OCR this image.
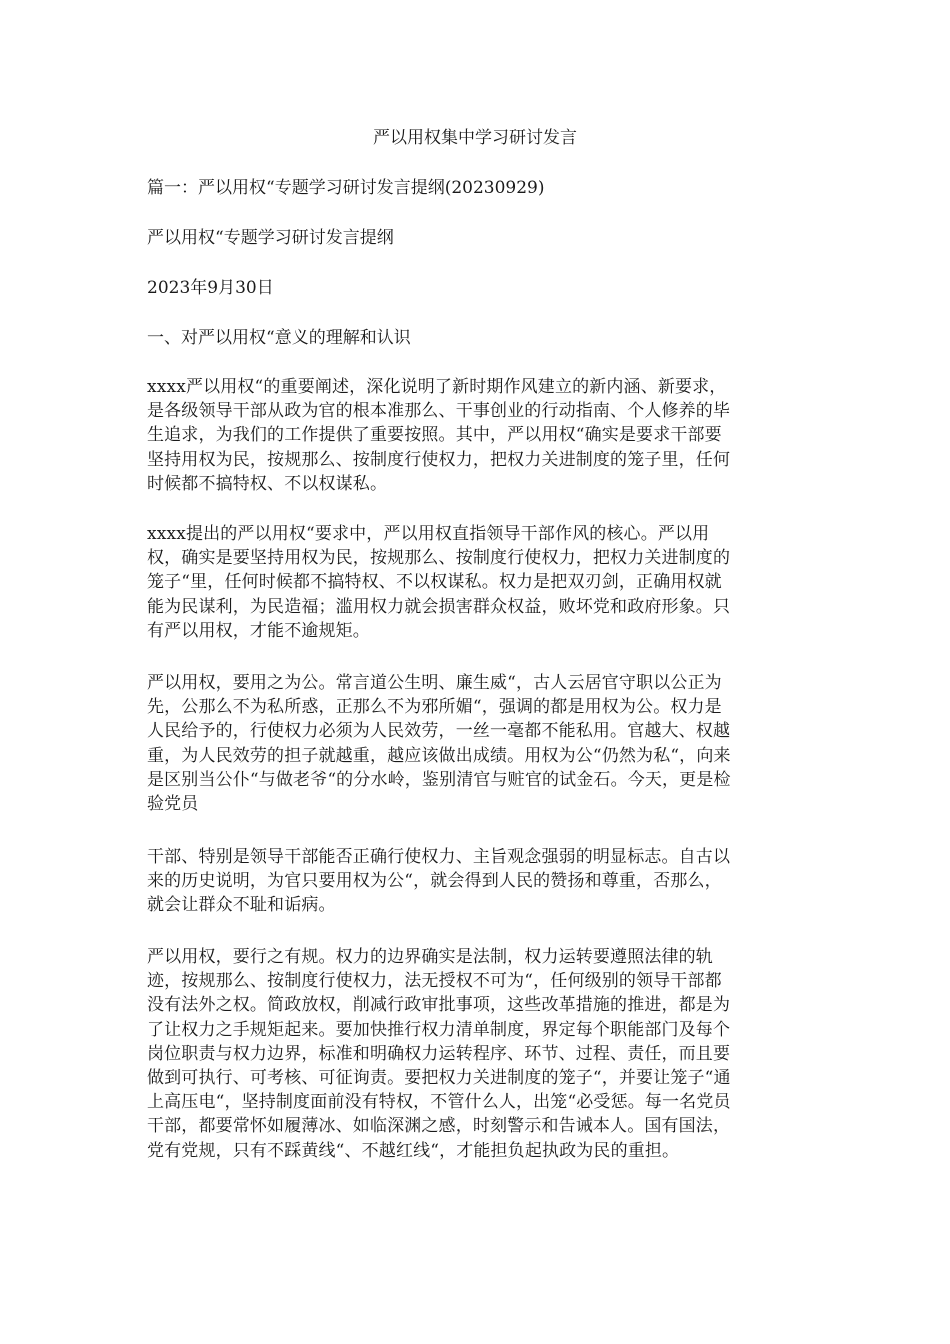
严以用权集中学习研讨发言

篇一：严以用权“专题学习研讨发言提纲(20230929)

严以用权“专题学习研讨发言提纲

2023年9月30日

一、对严以用权“意义的理解和认识

xxxx严以用权“的重要阐述，深化说明了新时期作风建立的新内涵、新要求，
是各级领导干部从政为官的根本准那么、干事创业的行动指南、个人修养的毕
生追求，为我们的工作提供了重要按照。其中，严以用权“确实是要求干部要
坚持用权为民，按规那么、按制度行使权力，把权力关进制度的笼子里，任何
时候都不搞特权、不以权谋私。
xxxx提出的严以用权“要求中，严以用权直指领导干部作风的核心。严以用
权，确实是要坚持用权为民，按规那么、按制度行使权力，把权力关进制度的
笼子“里，任何时候都不搞特权、不以权谋私。权力是把双刃剑，正确用权就
能为民谋利，为民造福；滥用权力就会损害群众权益，败坏党和政府形象。只
有严以用权，才能不逾规矩。
严以用权，要用之为公。常言道公生明、廉生威“，古人云居官守职以公正为
先，公那么不为私所惑，正那么不为邪所媚“，强调的都是用权为公。权力是
人民给予的，行使权力必须为人民效劳，一丝一毫都不能私用。官越大、权越
重，为人民效劳的担子就越重，越应该做出成绩。用权为公“仍然为私“，向来
是区别当公仆“与做老爷“的分水岭，鉴别清官与赃官的试金石。今天，更是检
验党员
干部、特别是领导干部能否正确行使权力、主旨观念强弱的明显标志。自古以
来的历史说明，为官只要用权为公“，就会得到人民的赞扬和尊重，否那么，
就会让群众不耻和诟病。
严以用权，要行之有规。权力的边界确实是法制，权力运转要遵照法律的轨
迹，按规那么、按制度行使权力，法无授权不可为“，任何级别的领导干部都
没有法外之权。简政放权，削减行政审批事项，这些改革措施的推进，都是为
了让权力之手规矩起来。要加快推行权力清单制度，界定每个职能部门及每个
岗位职责与权力边界，标准和明确权力运转程序、环节、过程、责任，而且要
做到可执行、可考核、可征询责。要把权力关进制度的笼子“，并要让笼子“通
上高压电“，坚持制度面前没有特权，不管什么人，出笼“必受惩。每一名党员
干部，都要常怀如履薄冰、如临深渊之感，时刻警示和告诫本人。国有国法，
党有党规，只有不踩黄线“、不越红线“，才能担负起执政为民的重担。
